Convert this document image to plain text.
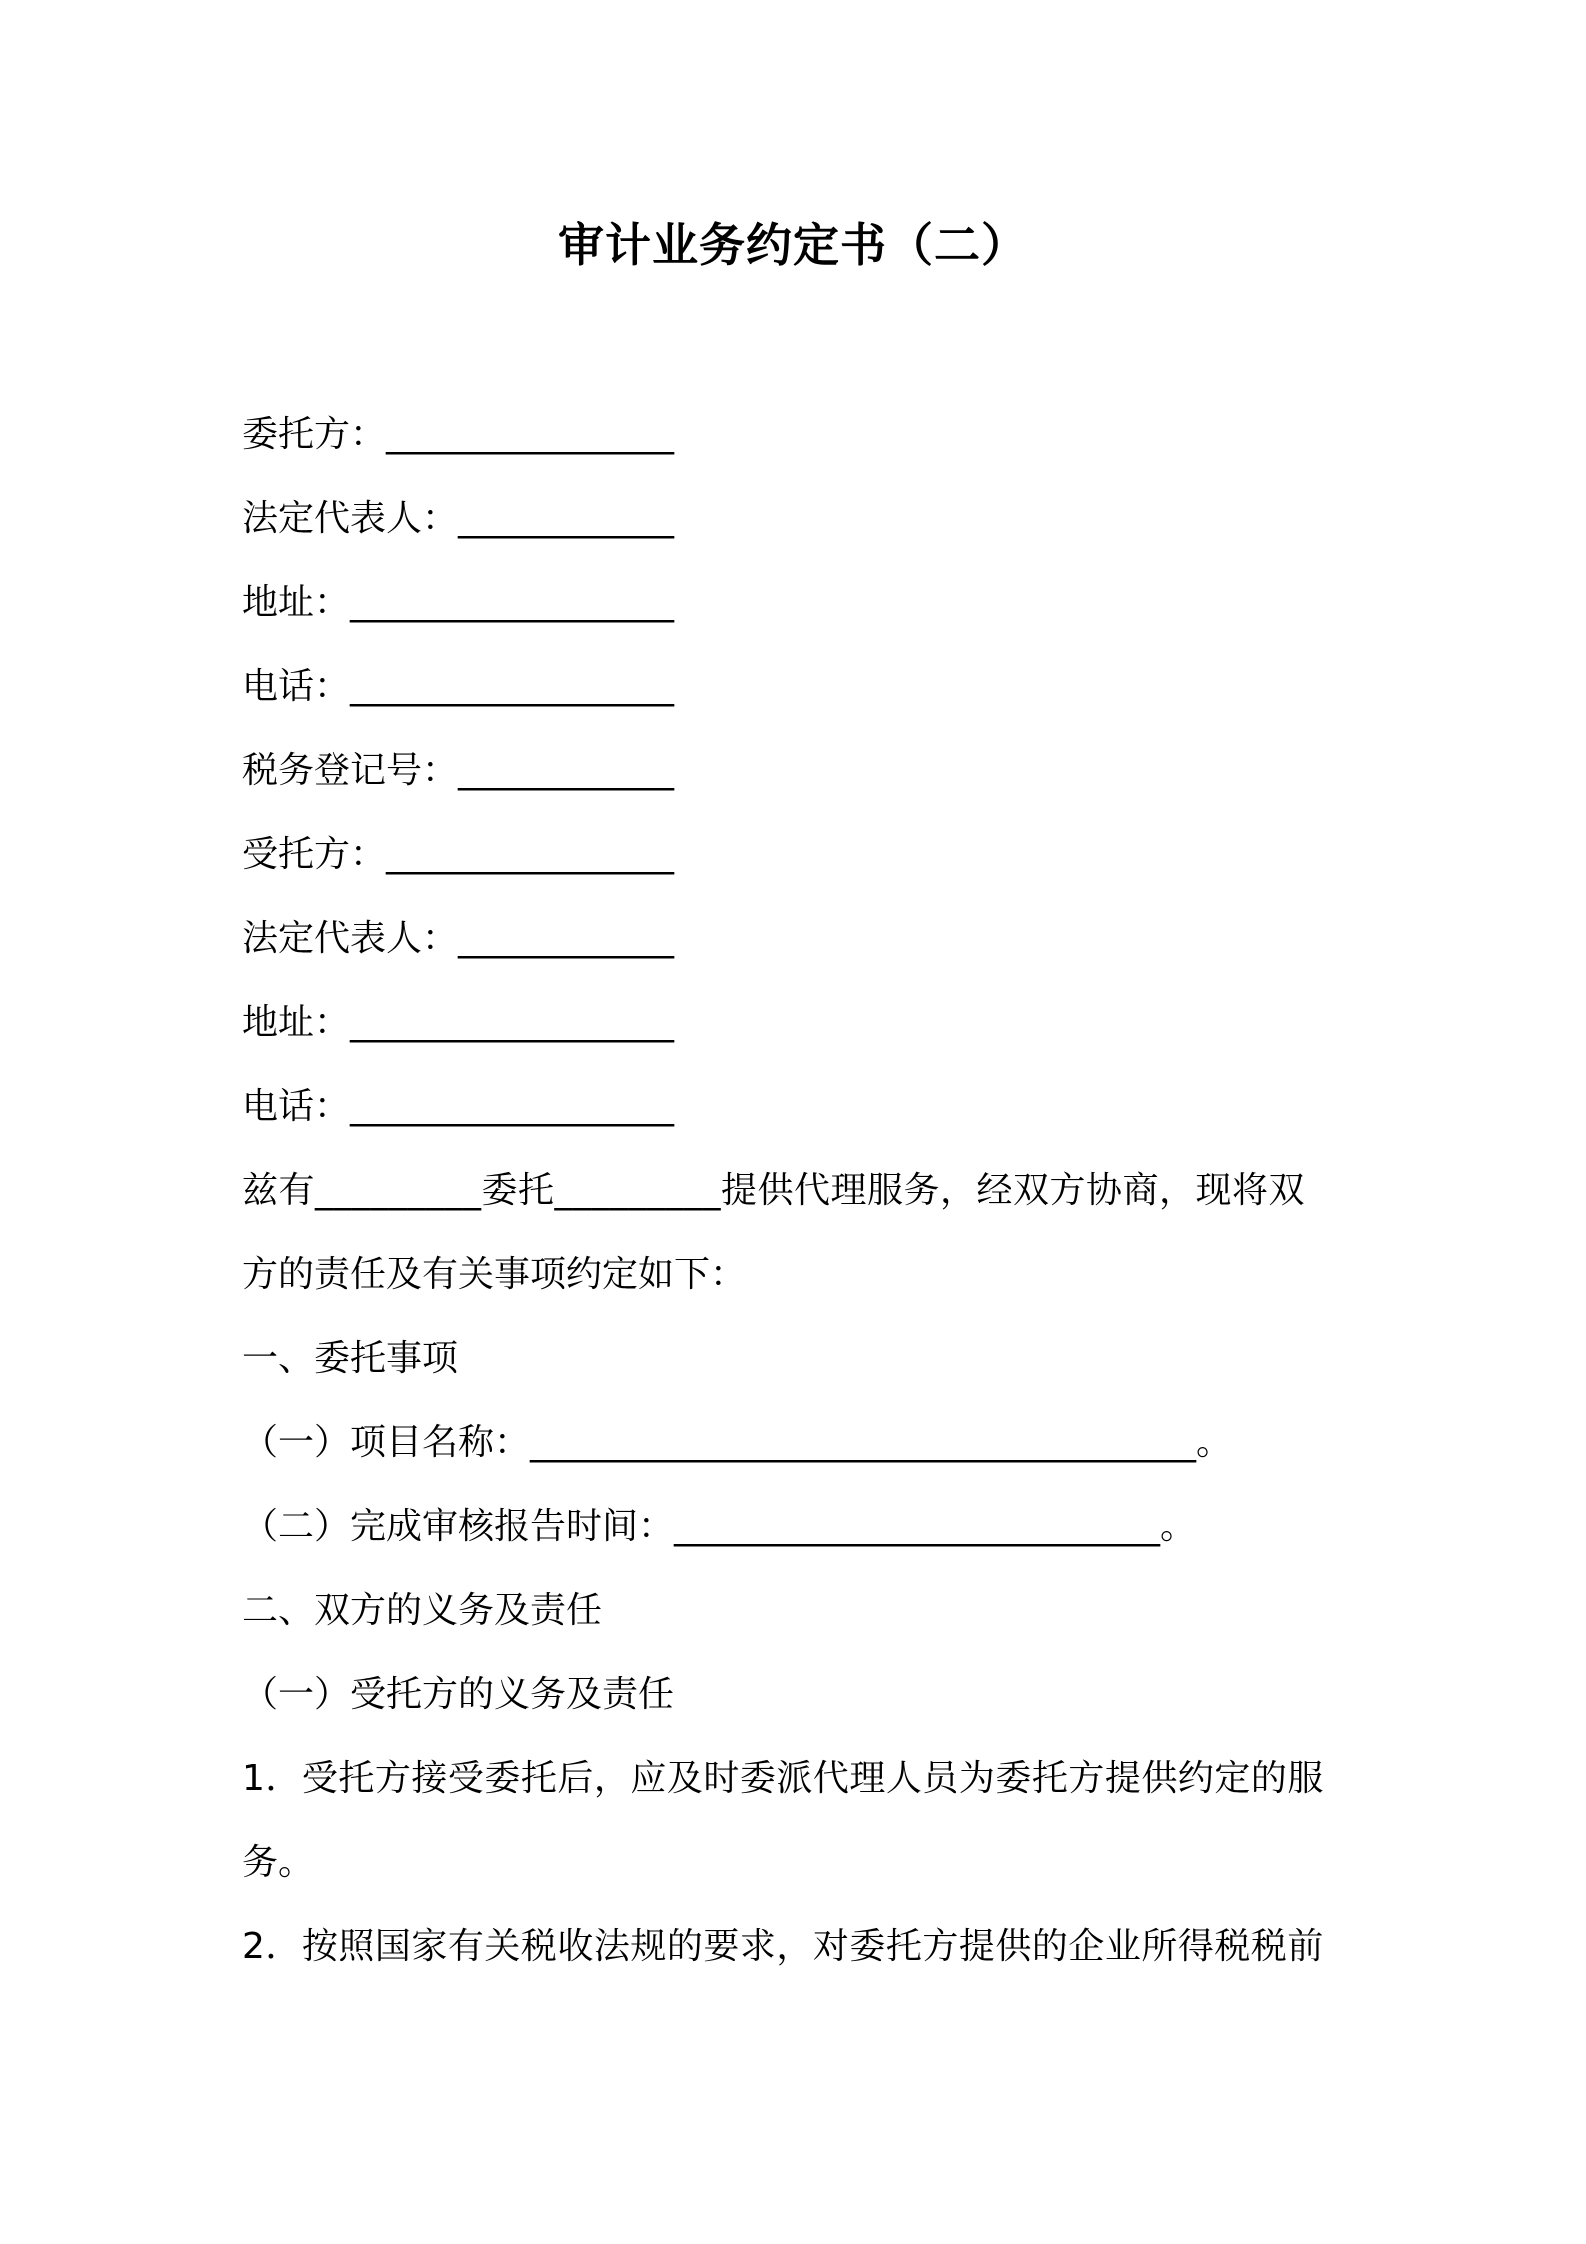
审计业务约定书（二）
委托方：________________
法定代表人：____________
地址：__________________
电话：__________________
税务登记号：____________
受托方：________________
法定代表人：____________
地址：__________________
电话：__________________
兹有_________委托_________提供代理服务，经双方协商，现将双
方的责任及有关事项约定如下：
一、委托事项
（一）项目名称：_____________________________________。
（二）完成审核报告时间：___________________________。
二、双方的义务及责任
（一）受托方的义务及责任
1．受托方接受委托后，应及时委派代理人员为委托方提供约定的服
务。
2．按照国家有关税收法规的要求，对委托方提供的企业所得税税前
